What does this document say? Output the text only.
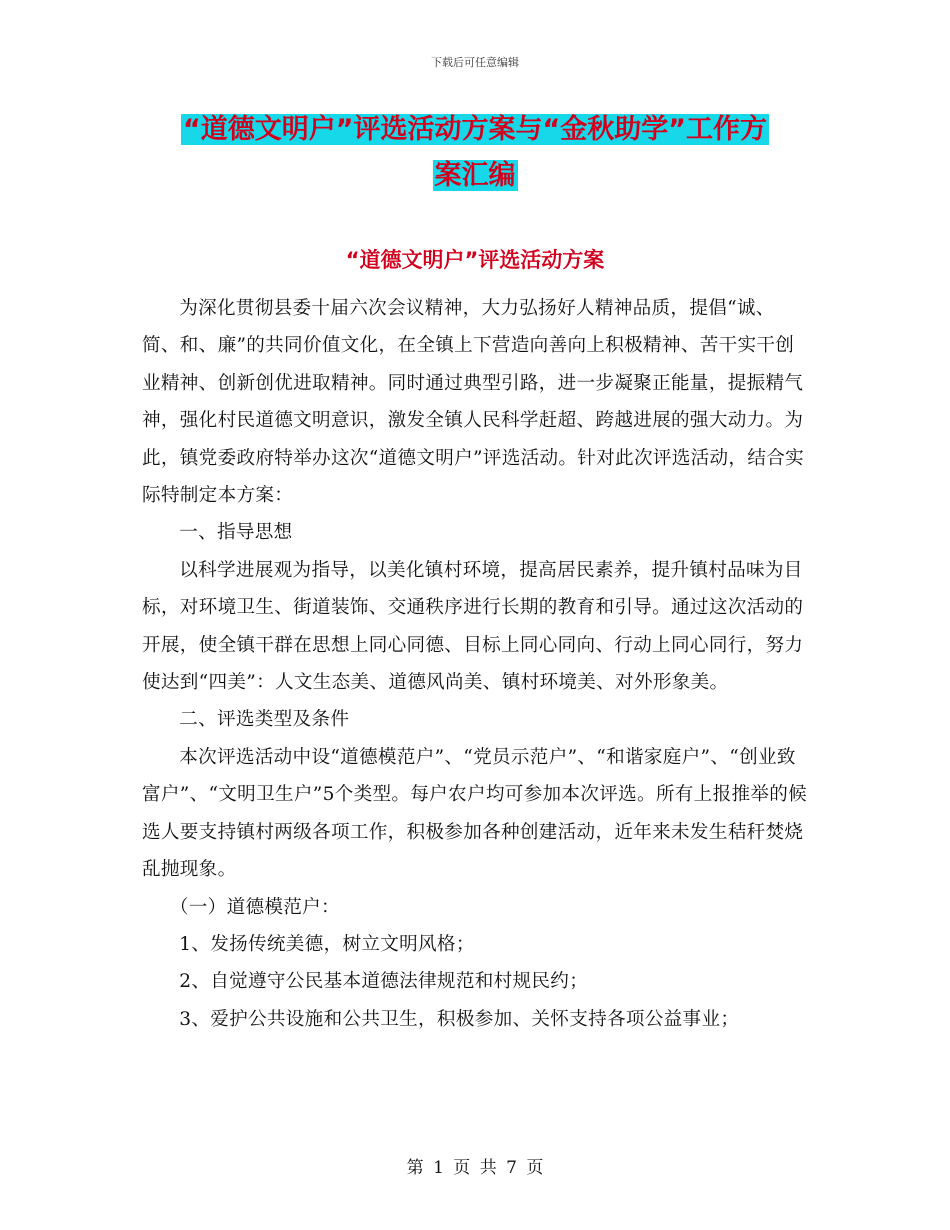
下载后可任意编辑
“道德文明户”评选活动方案与“金秋助学”工作方
案汇编
“道德文明户”评选活动方案

为深化贯彻县委十届六次会议精神，大力弘扬好人精神品质，提倡“诚、简、和、廉”的共同价值文化，在全镇上下营造向善向上积极精神、苦干实干创业精神、创新创优进取精神。同时通过典型引路，进一步凝聚正能量，提振精气神，强化村民道德文明意识，激发全镇人民科学赶超、跨越进展的强大动力。为此，镇党委政府特举办这次“道德文明户”评选活动。针对此次评选活动，结合实际特制定本方案：

一、指导思想

以科学进展观为指导，以美化镇村环境，提高居民素养，提升镇村品味为目标，对环境卫生、街道装饰、交通秩序进行长期的教育和引导。通过这次活动的开展，使全镇干群在思想上同心同德、目标上同心同向、行动上同心同行，努力使达到“四美”：人文生态美、道德风尚美、镇村环境美、对外形象美。

二、评选类型及条件

本次评选活动中设“道德模范户”、“党员示范户”、“和谐家庭户”、“创业致富户”、“文明卫生户”5个类型。每户农户均可参加本次评选。所有上报推举的候选人要支持镇村两级各项工作，积极参加各种创建活动，近年来未发生秸秆焚烧乱抛现象。

（一）道德模范户：

1、发扬传统美德，树立文明风格；

2、自觉遵守公民基本道德法律规范和村规民约；

3、爱护公共设施和公共卫生，积极参加、关怀支持各项公益事业；

第 1 页 共 7 页
